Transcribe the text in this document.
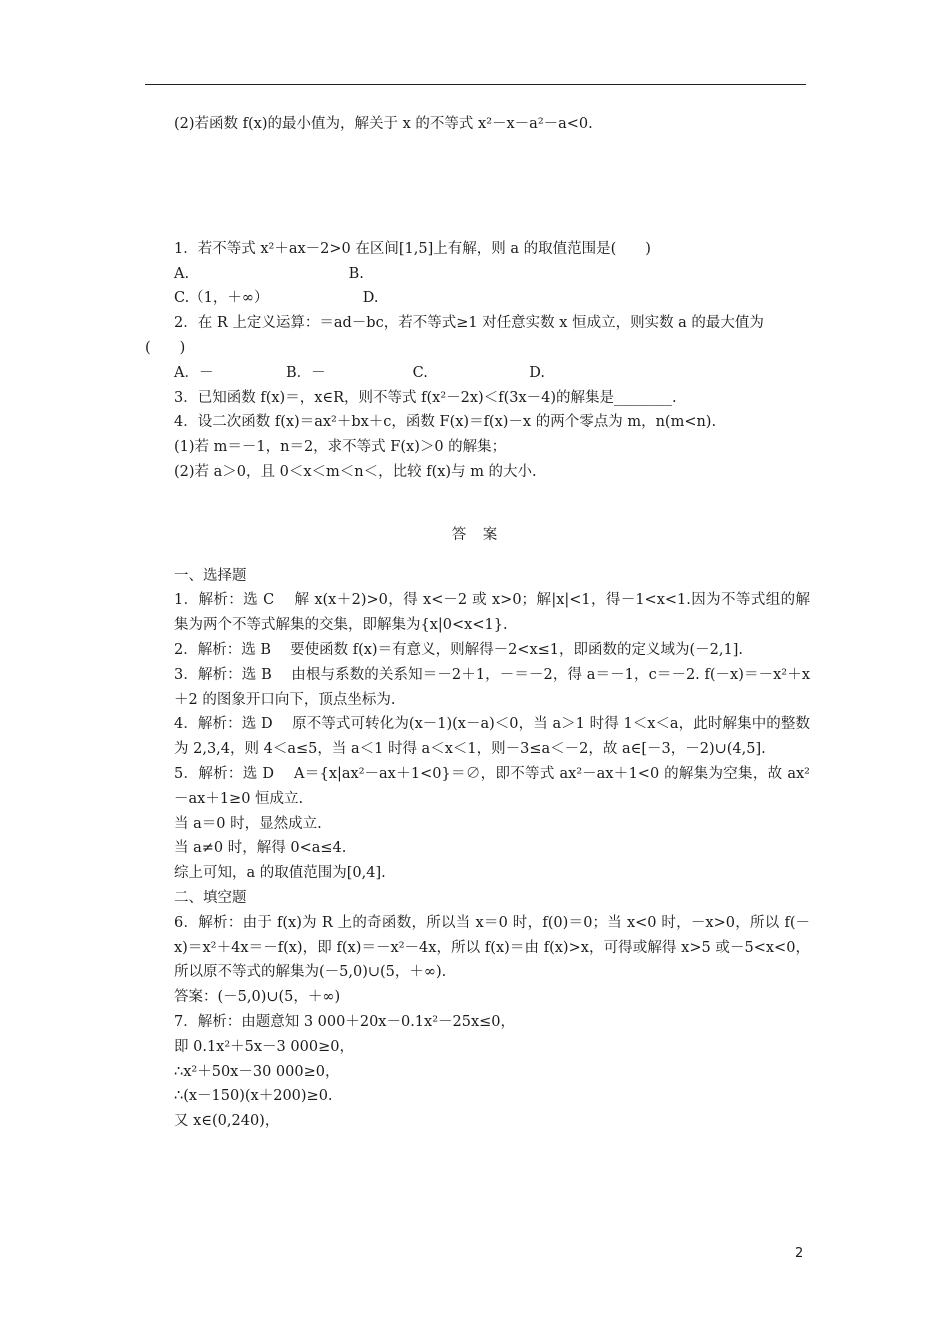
(2)若函数 f(x)的最小值为，解关于 x 的不等式 x²－x－a²－a<0.
1．若不等式 x²＋ax－2>0 在区间[1,5]上有解，则 a 的取值范围是(　　)
A.　　　　　　　　　　　B.
C.（1，＋∞）　　　　　　　D.
2．在 R 上定义运算：＝ad－bc，若不等式≥1 对任意实数 x 恒成立，则实数 a 的最大值为
(　　)
A．－　　　　　B．－　　　　　　C.　　　　　　　D.
3．已知函数 f(x)＝，x∈R，则不等式 f(x²－2x)＜f(3x－4)的解集是________.
4．设二次函数 f(x)＝ax²＋bx＋c，函数 F(x)＝f(x)－x 的两个零点为 m，n(m<n).
(1)若 m＝－1，n＝2，求不等式 F(x)＞0 的解集；
(2)若 a＞0，且 0＜x＜m＜n＜，比较 f(x)与 m 的大小.
答 案
一、选择题
1．解析：选 C　 解 x(x＋2)>0，得 x<－2 或 x>0；解|x|<1，得－1<x<1.因为不等式组的解集为两个不等式解集的交集，即解集为{x|0<x<1}.
2．解析：选 B　 要使函数 f(x)＝有意义，则解得－2<x≤1，即函数的定义域为(－2,1].
3．解析：选 B　 由根与系数的关系知＝－2＋1，－＝－2，得 a＝－1，c＝－2. f(－x)＝－x²＋x＋2 的图象开口向下，顶点坐标为.
4．解析：选 D　 原不等式可转化为(x－1)(x－a)＜0，当 a＞1 时得 1＜x＜a，此时解集中的整数为 2,3,4，则 4＜a≤5，当 a＜1 时得 a＜x＜1，则－3≤a＜－2，故 a∈[－3，－2)∪(4,5].
5．解析：选 D　 A＝{x|ax²－ax＋1<0}＝∅，即不等式 ax²－ax＋1<0 的解集为空集，故 ax²－ax＋1≥0 恒成立.
当 a＝0 时，显然成立.
当 a≠0 时，解得 0<a≤4.
综上可知，a 的取值范围为[0,4].
二、填空题
6．解析：由于 f(x)为 R 上的奇函数，所以当 x＝0 时，f(0)＝0；当 x<0 时，－x>0，所以 f(－x)＝x²＋4x＝－f(x)，即 f(x)＝－x²－4x，所以 f(x)＝由 f(x)>x，可得或解得 x>5 或－5<x<0，所以原不等式的解集为(－5,0)∪(5，＋∞).
答案：(－5,0)∪(5，＋∞)
7．解析：由题意知 3 000＋20x－0.1x²－25x≤0，
即 0.1x²＋5x－3 000≥0，
∴x²＋50x－30 000≥0，
∴(x－150)(x＋200)≥0.
又 x∈(0,240)，
2
